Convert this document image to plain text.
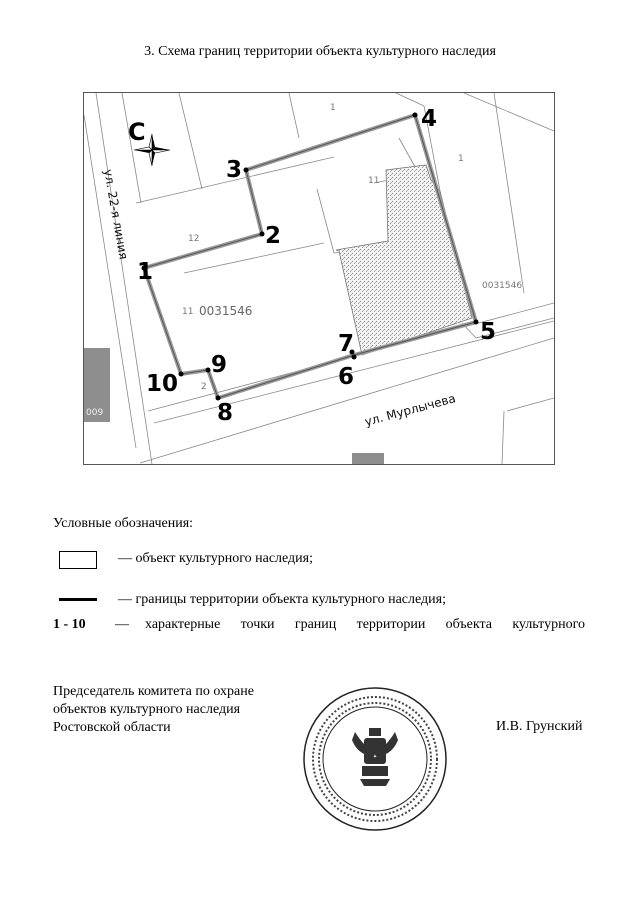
3. Схема границ территории объекта культурного наследия
009
1
2
3
4
5
6
7
8
9
10
1
11
12
1
0031546
2
11 0031546
ул. 22-я линия
ул. Мурлычева
С
Условные обозначения:
— объект культурного наследия;
— границы территории объекта культурного наследия;
1 - 10	—	характерные точки границ территории объекта культурного
Председатель комитета по охране
объектов культурного наследия
Ростовской области
✦
И.В. Грунский
